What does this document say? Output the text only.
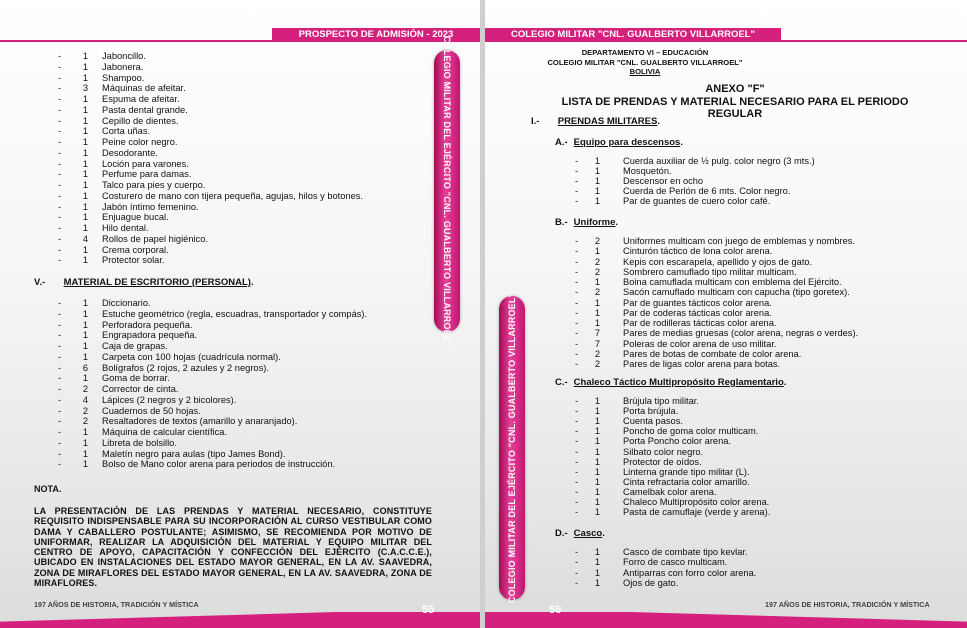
PROSPECTO DE ADMISIÓN - 2023
COLEGIO MILITAR DEL EJÉRCITO "CNL. GUALBERTO VILLARROEL"
-	1 Jaboncillo.
-	1 Jabonera.
-	1 Shampoo.
-	3 Máquinas de afeitar.
-	1 Espuma de afeitar.
-	1 Pasta dental grande.
-	1 Cepillo de dientes.
-	1 Corta uñas.
-	1 Peine color negro.
-	1 Desodorante.
-	1 Loción para varones.
-	1 Perfume para damas.
-	1 Talco para pies y cuerpo.
-	1 Costurero de mano con tijera pequeña, agujas, hilos y botones.
-	1 Jabón íntimo femenino.
-	1 Enjuague bucal.
-	1 Hilo dental.
-	4 Rollos de papel higiénico.
-	1 Crema corporal.
-	1 Protector solar.
V.- MATERIAL DE ESCRITORIO (PERSONAL).
-	1 Diccionario.
-	1 Estuche geométrico (regla, escuadras, transportador y compás).
-	1 Perforadora pequeña.
-	1 Engrapadora pequeña.
-	1 Caja de grapas.
-	1 Carpeta con 100 hojas (cuadrícula normal).
-	6 Bolígrafos (2 rojos, 2 azules y 2 negros).
-	1 Goma de borrar.
-	2 Corrector de cinta.
-	4 Lápices (2 negros y 2 bicolores).
-	2 Cuadernos de 50 hojas.
-	2 Resaltadores de textos (amarillo y anaranjado).
-	1 Máquina de calcular científica.
-	1 Libreta de bolsillo.
-	1 Maletín negro para aulas (tipo James Bond).
-	1 Bolso de Mano color arena para periodos de instrucción.
NOTA.
LA PRESENTACIÓN DE LAS PRENDAS Y MATERIAL NECESARIO, CONSTITUYE REQUISITO INDISPENSABLE PARA SU INCORPORACIÓN AL CURSO VESTIBULAR COMO DAMA Y CABALLERO POSTULANTE; ASIMISMO, SE RECOMIENDA POR MOTIVO DE UNIFORMAR, REALIZAR LA ADQUISICIÓN DEL MATERIAL Y EQUIPO MILITAR DEL CENTRO DE APOYO, CAPACITACIÓN Y CONFECCIÓN DEL EJÉRCITO (C.A.C.C.E.), UBICADO EN INSTALACIONES DEL ESTADO MAYOR GENERAL, EN LA AV. SAAVEDRA, ZONA DE MIRAFLORES DEL ESTADO MAYOR GENERAL, EN LA AV. SAAVEDRA, ZONA DE MIRAFLORES.
197 AÑOS DE HISTORIA, TRADICIÓN Y MÍSTICA	55
COLEGIO MILITAR "CNL. GUALBERTO VILLARROEL"
DEPARTAMENTO VI – EDUCACIÓN
COLEGIO MILITAR "CNL. GUALBERTO VILLARROEL"
BOLIVIA
ANEXO "F"
LISTA DE PRENDAS Y MATERIAL NECESARIO PARA EL PERIODO REGULAR
I.- PRENDAS MILITARES.
A.- Equipo para descensos.
-	1 Cuerda auxiliar de ½ pulg. color negro (3 mts.)
-	1 Mosquetón.
-	1 Descensor en ocho
-	1 Cuerda de Perlón de 6 mts. Color negro.
-	1 Par de guantes de cuero color café.
B.- Uniforme.
-	2 Uniformes multicam con juego de emblemas y nombres.
-	1 Cinturón táctico de lona color arena.
-	2 Kepis con escarapela, apellido y ojos de gato.
-	2 Sombrero camuflado tipo militar multicam.
-	1 Boina camuflada multicam con emblema del Ejército.
-	2 Sacón camuflado multicam con capucha (tipo goretex).
-	1 Par de guantes tácticos color arena.
-	1 Par de coderas tácticas color arena.
-	1 Par de rodilleras tácticas color arena.
-	7 Pares de medias gruesas (color arena, negras o verdes).
-	7 Poleras de color arena de uso militar.
-	2 Pares de botas de combate de color arena.
-	2 Pares de ligas color arena para botas.
C.- Chaleco Táctico Multipropósito Reglamentario.
-	1 Brújula tipo militar.
-	1 Porta brújula.
-	1 Cuenta pasos.
-	1 Poncho de goma color multicam.
-	1 Porta Poncho color arena.
-	1 Silbato color negro.
-	1 Protector de oídos.
-	1 Linterna grande tipo militar (L).
-	1 Cinta refractaria color amarillo.
-	1 Camelbak color arena.
-	1 Chaleco Multipropósito color arena.
-	1 Pasta de camuflaje (verde y arena).
D.- Casco.
-	1 Casco de combate tipo kevlar.
-	1 Forro de casco multicam.
-	1 Antiparras con forro color arena.
-	1 Ojos de gato.
COLEGIO MILITAR DEL EJÉRCITO "CNL. GUALBERTO VILLARROEL"
56	197 AÑOS DE HISTORIA, TRADICIÓN Y MÍSTICA
